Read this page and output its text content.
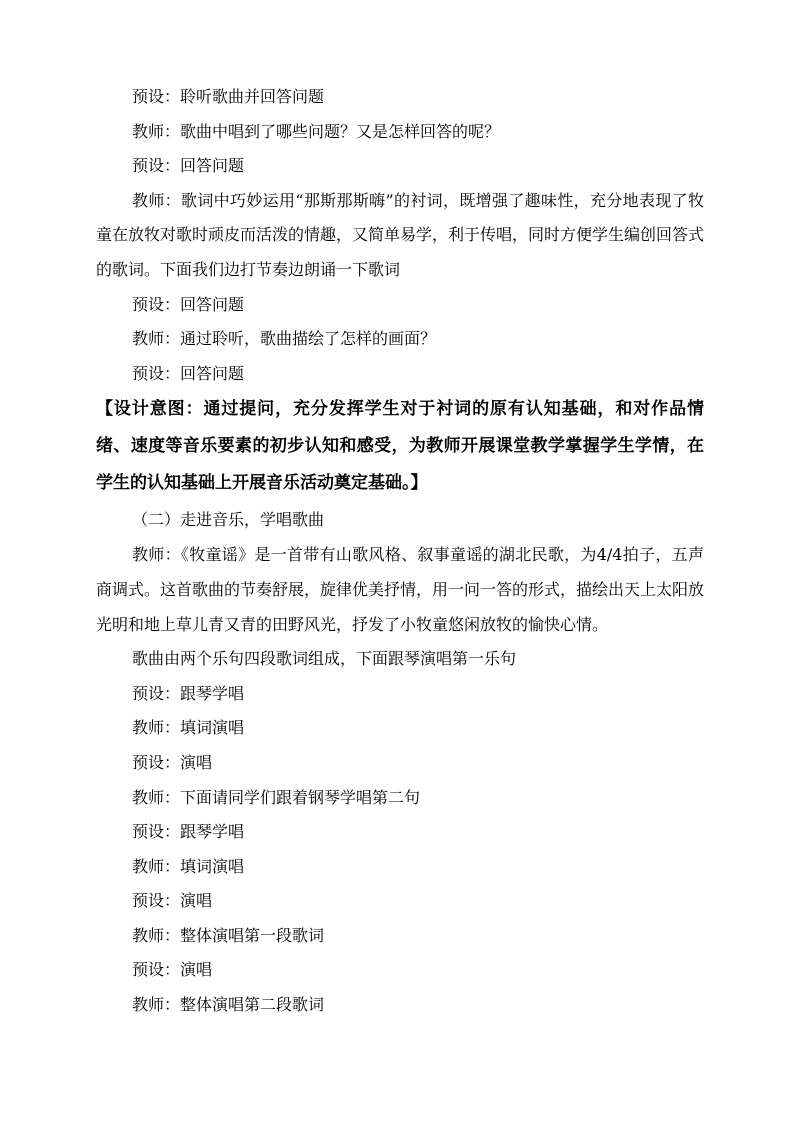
预设：聆听歌曲并回答问题

教师：歌曲中唱到了哪些问题？又是怎样回答的呢？

预设：回答问题

教师：歌词中巧妙运用“那斯那斯嗨”的衬词，既增强了趣味性，充分地表现了牧童在放牧对歌时顽皮而活泼的情趣，又简单易学，利于传唱，同时方便学生编创回答式的歌词。下面我们边打节奏边朗诵一下歌词

预设：回答问题

教师：通过聆听，歌曲描绘了怎样的画面？

预设：回答问题

【设计意图：通过提问，充分发挥学生对于衬词的原有认知基础，和对作品情绪、速度等音乐要素的初步认知和感受，为教师开展课堂教学掌握学生学情，在学生的认知基础上开展音乐活动奠定基础。】

（二）走进音乐，学唱歌曲

教师：《牧童谣》是一首带有山歌风格、叙事童谣的湖北民歌，为4/4拍子，五声商调式。这首歌曲的节奏舒展，旋律优美抒情，用一问一答的形式，描绘出天上太阳放光明和地上草儿青又青的田野风光，抒发了小牧童悠闲放牧的愉快心情。

歌曲由两个乐句四段歌词组成，下面跟琴演唱第一乐句

预设：跟琴学唱

教师：填词演唱

预设：演唱

教师：下面请同学们跟着钢琴学唱第二句

预设：跟琴学唱

教师：填词演唱

预设：演唱

教师：整体演唱第一段歌词

预设：演唱

教师：整体演唱第二段歌词
